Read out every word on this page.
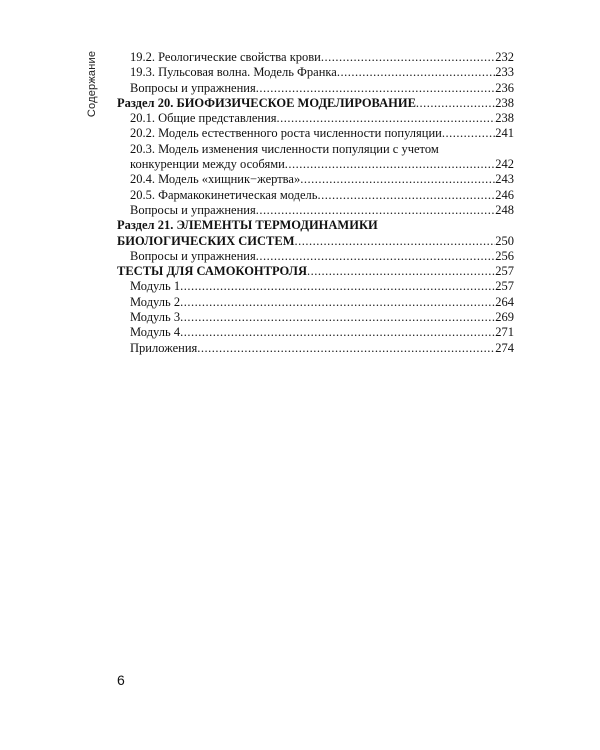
Содержание	19.2. Реологические свойства крови .....	232
19.3. Пульсовая волна. Модель Франка .....	233
Вопросы и упражнения .....	236
Раздел 20. БИОФИЗИЧЕСКОЕ МОДЕЛИРОВАНИЕ .....	238
20.1. Общие представления .....	238
20.2. Модель естественного роста численности популяции .....	241
20.3. Модель изменения численности популяции с учетом
конкуренции между особями .....	242
20.4. Модель «хищник−жертва» .....	243
20.5. Фармакокинетическая модель .....	246
Вопросы и упражнения .....	248
Раздел 21. ЭЛЕМЕНТЫ ТЕРМОДИНАМИКИ
БИОЛОГИЧЕСКИХ СИСТЕМ .....	250
Вопросы и упражнения .....	256
ТЕСТЫ ДЛЯ САМОКОНТРОЛЯ .....	257
Модуль 1 .....	257
Модуль 2 .....	264
Модуль 3 .....	269
Модуль 4 .....	271
Приложения .....	274
6
